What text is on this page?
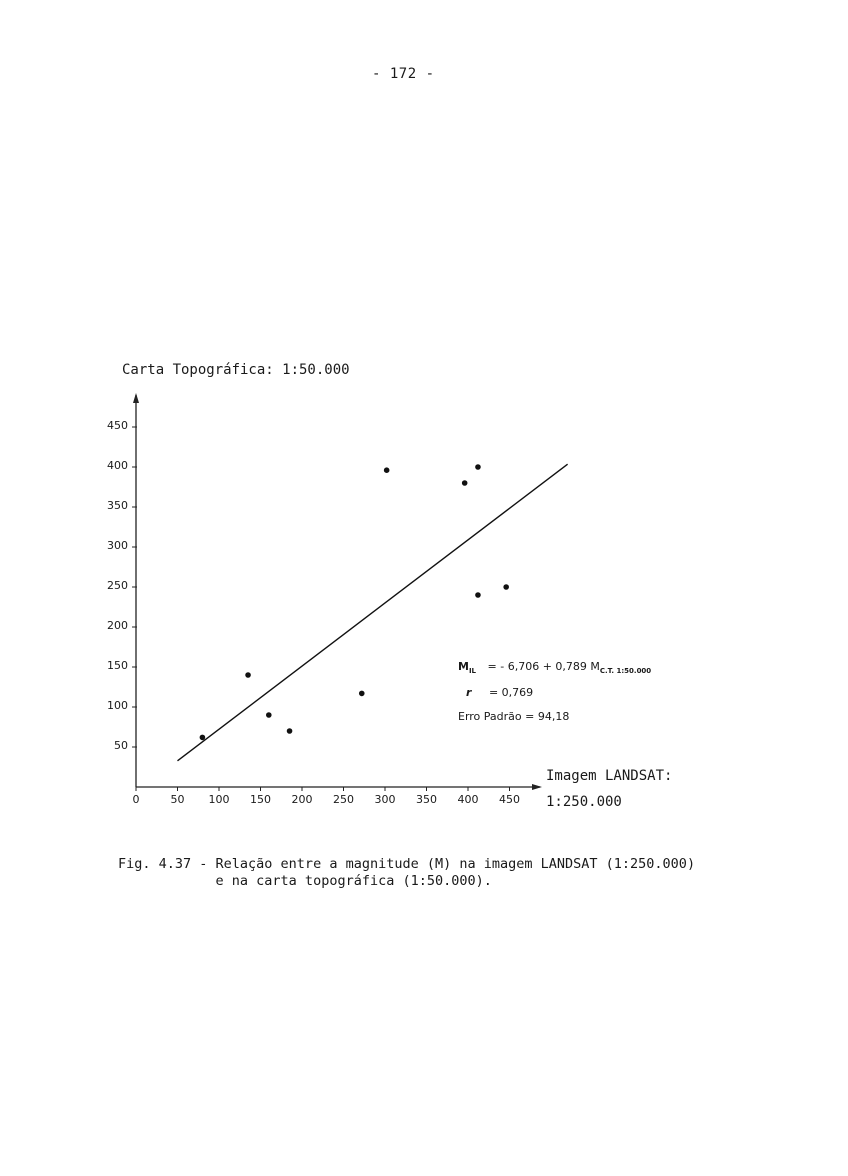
- 172 -
Carta Topográfica: 1:50.000
50
100
150
200
250
300
350
400
450
0	50	100	150	200	250	300	350	400	450
Imagem LANDSAT:
1:250.000
$M_{IL}$ = - 6,706 + 0,789 $M_{C.T. 1:50.000}$
r = 0,769
Erro Padrão = 94,18
Fig. 4.37 - Relação entre a magnitude (M) na imagem LANDSAT (1:250.000)
e na carta topográfica (1:50.000).
